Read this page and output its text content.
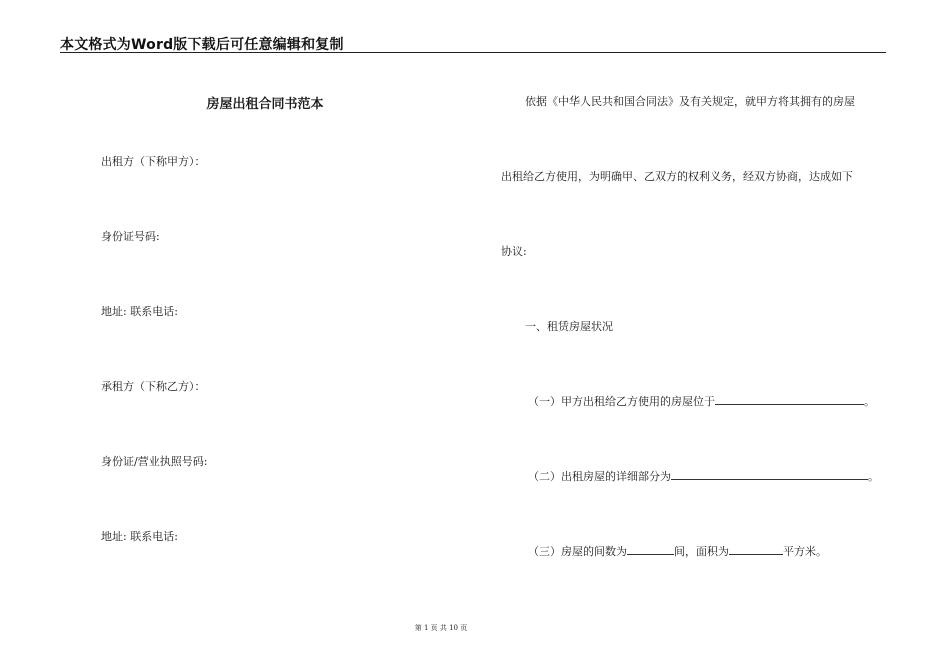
本文格式为Word版下载后可任意编辑和复制
房屋出租合同书范本
出租方（下称甲方）：
身份证号码:
地址: 联系电话:
承租方（下称乙方）：
身份证/营业执照号码:
地址: 联系电话:
依据《中华人民共和国合同法》及有关规定，就甲方将其拥有的房屋
出租给乙方使用，为明确甲、乙双方的权利义务，经双方协商，达成如下
协议:
一、租赁房屋状况
（一）甲方出租给乙方使用的房屋位于	。
（二）出租房屋的详细部分为	。
（三）房屋的间数为	间，面积为	平方米。
第 1 页 共 10 页
